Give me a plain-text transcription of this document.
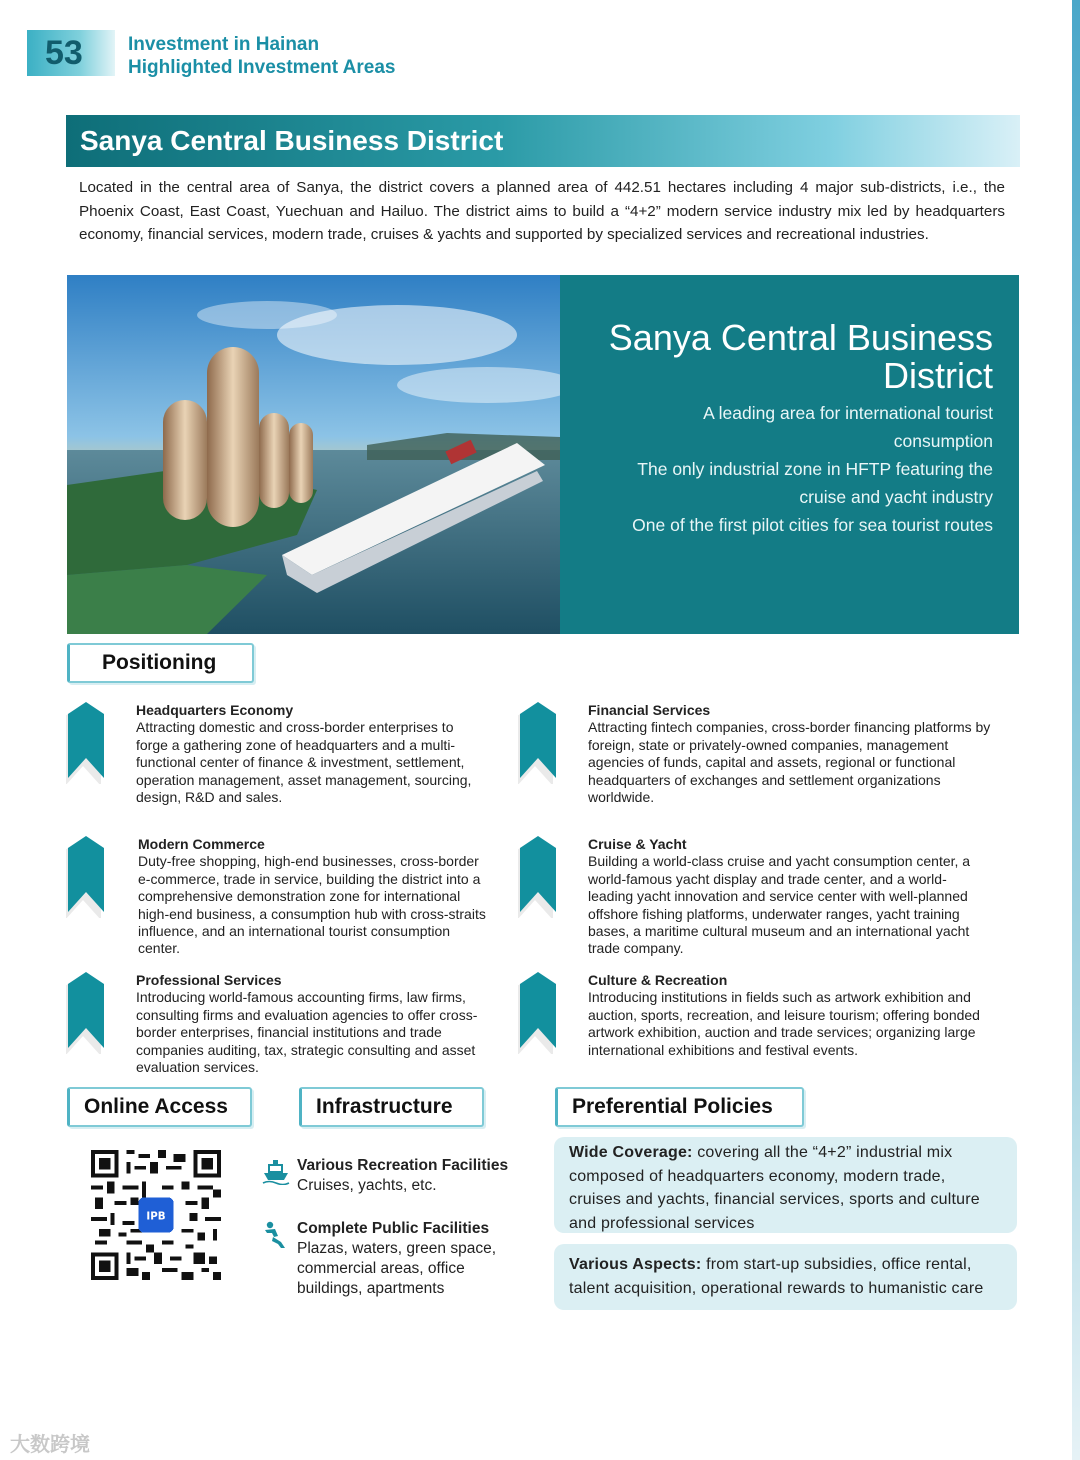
53	Investment in Hainan
Highlighted Investment Areas
Sanya Central Business District
Located in the central area of Sanya, the district covers a planned area of 442.51 hectares including 4 major sub-districts, i.e., the Phoenix Coast, East Coast, Yuechuan and Hailuo. The district aims to build a “4+2” modern service industry mix led by headquarters economy, financial services, modern trade, cruises & yachts and supported by specialized services and recreational industries.
Sanya Central Business District
A leading area for international tourist
consumption
The only industrial zone in HFTP featuring the
cruise and yacht industry
One of the first pilot cities for sea tourist routes
Positioning
Headquarters Economy
Attracting domestic and cross-border enterprises to
forge a gathering zone of headquarters and a multi-
functional center of finance & investment, settlement,
operation management, asset management, sourcing,
design, R&D and sales.
Financial Services
Attracting fintech companies, cross-border financing platforms by
foreign, state or privately-owned companies, management
agencies of funds, capital and assets, regional or functional
headquarters of exchanges and settlement organizations
worldwide.
Modern Commerce
Duty-free shopping, high-end businesses, cross-border
e-commerce, trade in service, building the district into a
comprehensive demonstration zone for international
high-end business, a consumption hub with cross-straits
influence, and an international tourist consumption
center.
Cruise & Yacht
Building a world-class cruise and yacht consumption center, a
world-famous yacht display and trade center, and a world-
leading yacht innovation and service center with well-planned
offshore fishing platforms, underwater ranges, yacht training
bases, a maritime cultural museum and an international yacht
trade company.
Professional Services
Introducing world-famous accounting firms, law firms,
consulting firms and evaluation agencies to offer cross-
border enterprises, financial institutions and trade
companies auditing, tax, strategic consulting and asset
evaluation services.
Culture & Recreation
Introducing institutions in fields such as artwork exhibition and
auction, sports, recreation, and leisure tourism; offering bonded
artwork exhibition, auction and trade services; organizing large
international exhibitions and festival events.
Online Access	Infrastructure	Preferential Policies
IPB
Various Recreation Facilities
Cruises, yachts, etc.
Complete Public Facilities
Plazas, waters, green space,
commercial areas, office
buildings, apartments
Wide Coverage: covering all the “4+2” industrial mix
composed of headquarters economy, modern trade,
cruises and yachts, financial services, sports and culture
and professional services
Various Aspects: from start-up subsidies, office rental,
talent acquisition, operational rewards to humanistic care
大数跨境
